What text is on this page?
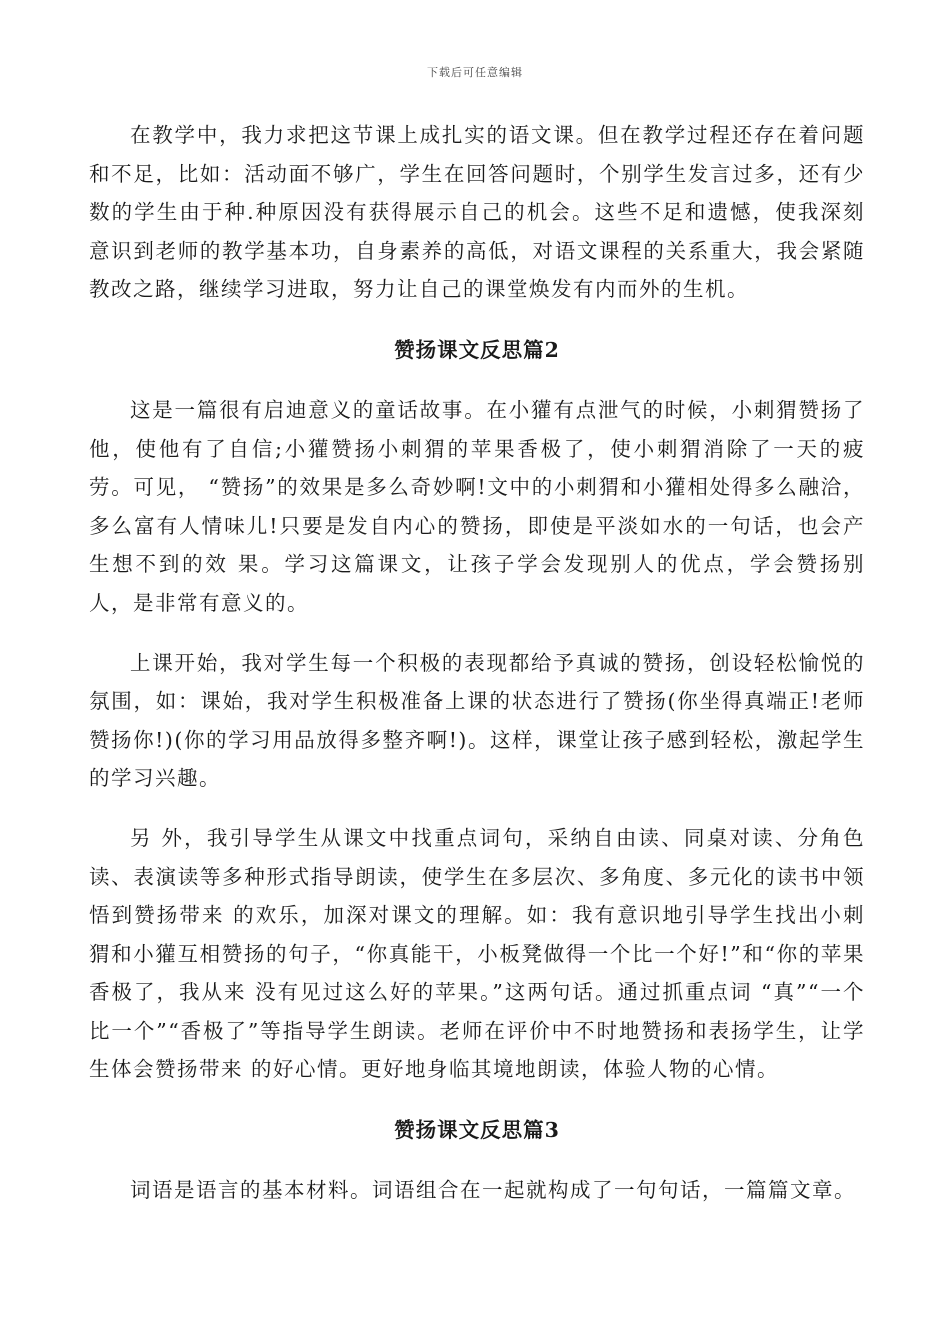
下载后可任意编辑

在教学中，我力求把这节课上成扎实的语文课。但在教学过程还存在着问题和不足，比如：活动面不够广，学生在回答问题时，个别学生发言过多，还有少数的学生由于种.种原因没有获得展示自己的机会。这些不足和遗憾，使我深刻意识到老师的教学基本功，自身素养的高低，对语文课程的关系重大，我会紧随教改之路，继续学习进取，努力让自己的课堂焕发有内而外的生机。

赞扬课文反思篇2

这是一篇很有启迪意义的童话故事。在小獾有点泄气的时候，小刺猬赞扬了他，使他有了自信;小獾赞扬小刺猬的苹果香极了，使小刺猬消除了一天的疲劳。可见， “赞扬”的效果是多么奇妙啊!文中的小刺猬和小獾相处得多么融洽，多么富有人情味儿!只要是发自内心的赞扬，即使是平淡如水的一句话，也会产生想不到的效 果。学习这篇课文，让孩子学会发现别人的优点，学会赞扬别人，是非常有意义的。

上课开始，我对学生每一个积极的表现都给予真诚的赞扬，创设轻松愉悦的氛围，如：课始，我对学生积极准备上课的状态进行了赞扬(你坐得真端正!老师赞扬你!)(你的学习用品放得多整齐啊!)。这样，课堂让孩子感到轻松，激起学生的学习兴趣。

另 外，我引导学生从课文中找重点词句，采纳自由读、同桌对读、分角色读、表演读等多种形式指导朗读，使学生在多层次、多角度、多元化的读书中领悟到赞扬带来 的欢乐，加深对课文的理解。如：我有意识地引导学生找出小刺猬和小獾互相赞扬的句子，“你真能干，小板凳做得一个比一个好!”和“你的苹果香极了，我从来 没有见过这么好的苹果。”这两句话。通过抓重点词 “真”“一个比一个”“香极了”等指导学生朗读。老师在评价中不时地赞扬和表扬学生，让学生体会赞扬带来 的好心情。更好地身临其境地朗读，体验人物的心情。

赞扬课文反思篇3

词语是语言的基本材料。词语组合在一起就构成了一句句话，一篇篇文章。
